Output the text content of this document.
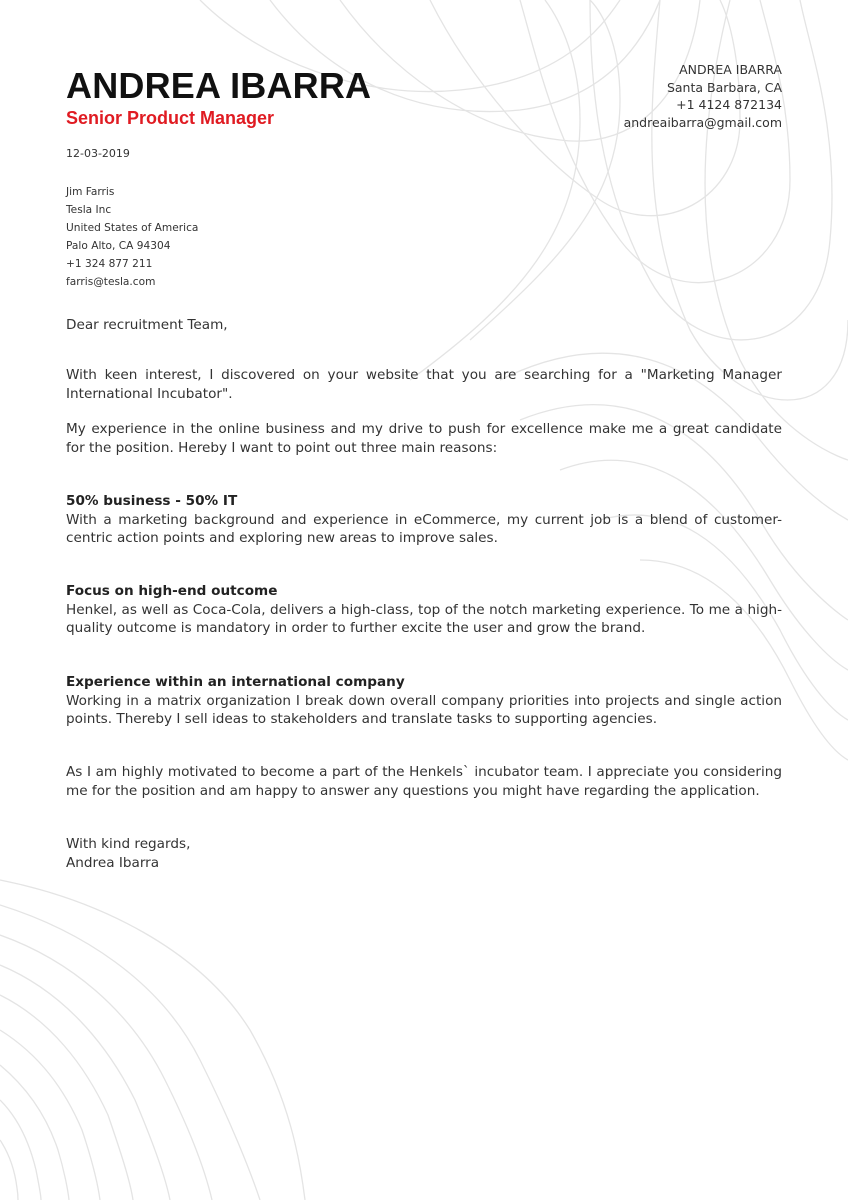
ANDREA IBARRA
Senior Product Manager
ANDREA IBARRA
Santa Barbara, CA
+1 4124 872134
andreaibarra@gmail.com
12-03-2019
Jim Farris
Tesla Inc
United States of America
Palo Alto, CA 94304
+1 324 877 211
farris@tesla.com

Dear recruitment Team,

With keen interest, I discovered on your website that you are searching for a "Marketing Manager International Incubator".

My experience in the online business and my drive to push for excellence make me a great candidate for the position. Hereby I want to point out three main reasons:

50% business - 50% IT

With a marketing background and experience in eCommerce, my current job is a blend of customer-centric action points and exploring new areas to improve sales.

Focus on high-end outcome

Henkel, as well as Coca-Cola, delivers a high-class, top of the notch marketing experience. To me a high-quality outcome is mandatory in order to further excite the user and grow the brand.

Experience within an international company

Working in a matrix organization I break down overall company priorities into projects and single action points. Thereby I sell ideas to stakeholders and translate tasks to supporting agencies.

As I am highly motivated to become a part of the Henkels` incubator team. I appreciate you considering me for the position and am happy to answer any questions you might have regarding the application.

With kind regards,

Andrea Ibarra
